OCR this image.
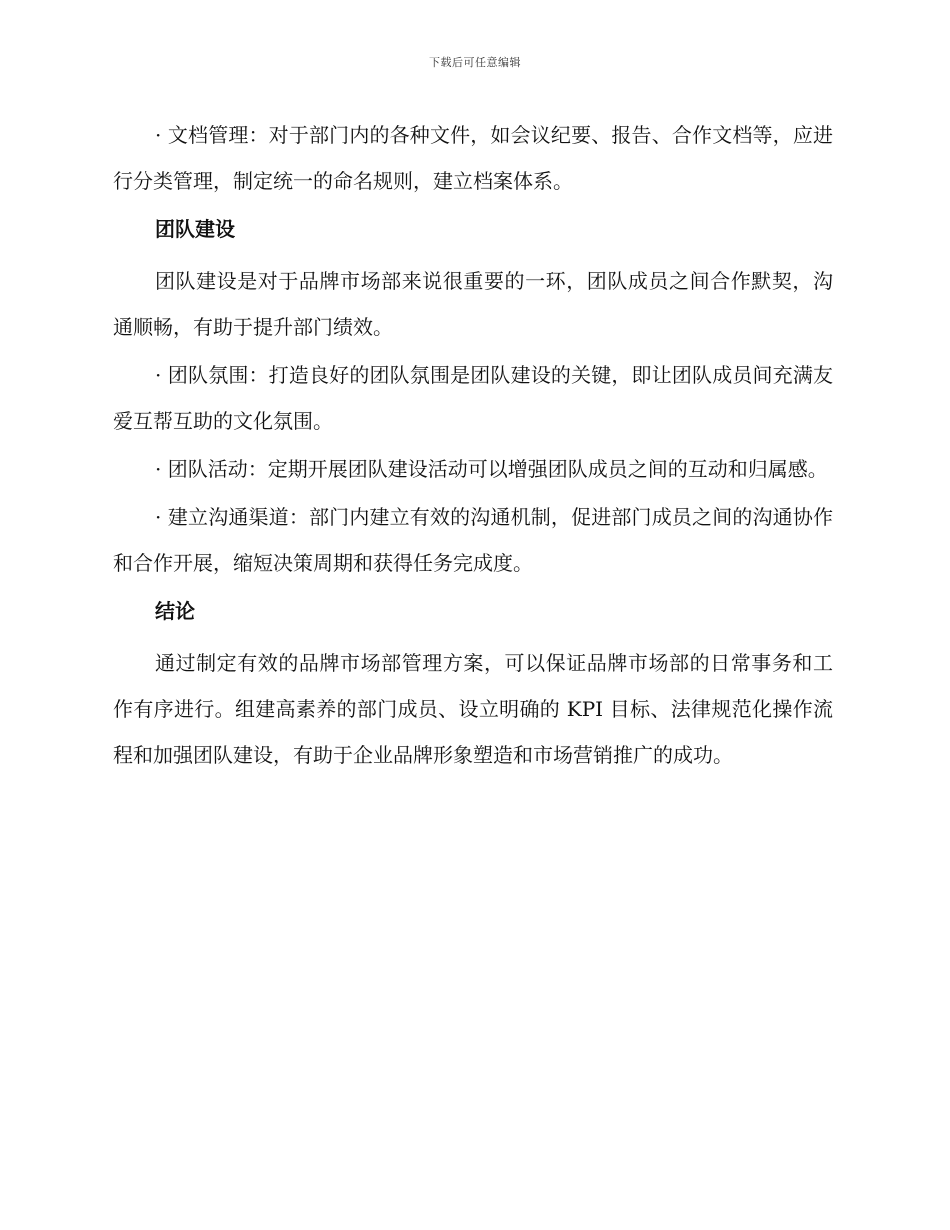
下载后可任意编辑

· 文档管理：对于部门内的各种文件，如会议纪要、报告、合作文档等，应进行分类管理，制定统一的命名规则，建立档案体系。

团队建设

团队建设是对于品牌市场部来说很重要的一环，团队成员之间合作默契，沟通顺畅，有助于提升部门绩效。

· 团队氛围：打造良好的团队氛围是团队建设的关键，即让团队成员间充满友爱互帮互助的文化氛围。

· 团队活动：定期开展团队建设活动可以增强团队成员之间的互动和归属感。

· 建立沟通渠道：部门内建立有效的沟通机制，促进部门成员之间的沟通协作和合作开展，缩短决策周期和获得任务完成度。

结论

通过制定有效的品牌市场部管理方案，可以保证品牌市场部的日常事务和工作有序进行。组建高素养的部门成员、设立明确的 KPI 目标、法律规范化操作流程和加强团队建设，有助于企业品牌形象塑造和市场营销推广的成功。
